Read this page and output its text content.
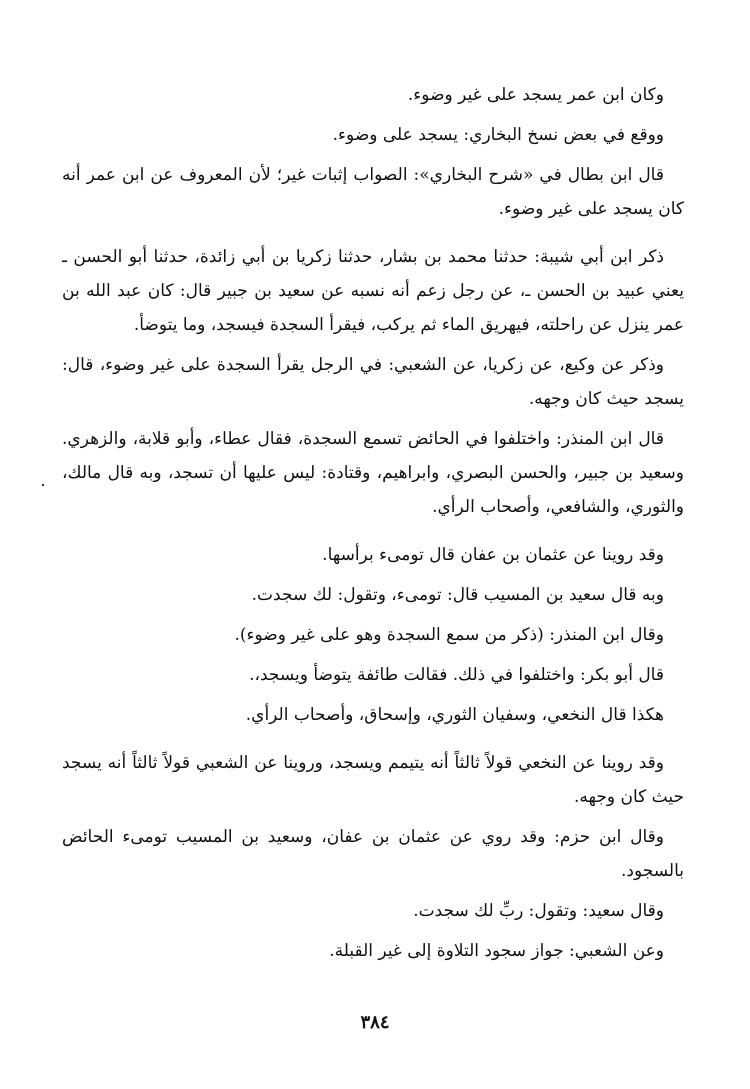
وكان ابن عمر يسجد على غير وضوء.

ووقع في بعض نسخ البخاري: يسجد على وضوء.

قال ابن بطال في «شرح البخاري»: الصواب إثبات غير؛ لأن المعروف عن ابن عمر أنه كان يسجد على غير وضوء.

ذكر ابن أبي شيبة: حدثنا محمد بن بشار، حدثنا زكريا بن أبي زائدة، حدثنا أبو الحسن ـ يعني عبيد بن الحسن ـ، عن رجل زعم أنه نسبه عن سعيد بن جبير قال: كان عبد الله بن عمر ينزل عن راحلته، فيهريق الماء ثم يركب، فيقرأ السجدة فيسجد، وما يتوضأ.

وذكر عن وكيع، عن زكريا، عن الشعبي: في الرجل يقرأ السجدة على غير وضوء، قال: يسجد حيث كان وجهه.

قال ابن المنذر: واختلفوا في الحائض تسمع السجدة، فقال عطاء، وأبو قلابة، والزهري. وسعيد بن جبير، والحسن البصري، وابراهيم، وقتادة: ليس عليها أن تسجد، وبه قال مالك، والثوري، والشافعي، وأصحاب الرأي.

وقد روينا عن عثمان بن عفان قال تومىء برأسها.

وبه قال سعيد بن المسيب قال: تومىء، وتقول: لك سجدت.

وقال ابن المنذر: (ذكر من سمع السجدة وهو على غير وضوء).

قال أبو بكر: واختلفوا في ذلك. فقالت طائفة يتوضأ ويسجد،.

هكذا قال النخعي، وسفيان الثوري، وإسحاق، وأصحاب الرأي.

وقد روينا عن النخعي قولاً ثالثاً أنه يتيمم ويسجد، وروينا عن الشعبي قولاً ثالثاً أنه يسجد حيث كان وجهه.

وقال ابن حزم: وقد روي عن عثمان بن عفان، وسعيد بن المسيب تومىء الحائض بالسجود.

وقال سعيد: وتقول: ربِّ لك سجدت.

وعن الشعبي: جواز سجود التلاوة إلى غير القبلة.

٣٨٤
